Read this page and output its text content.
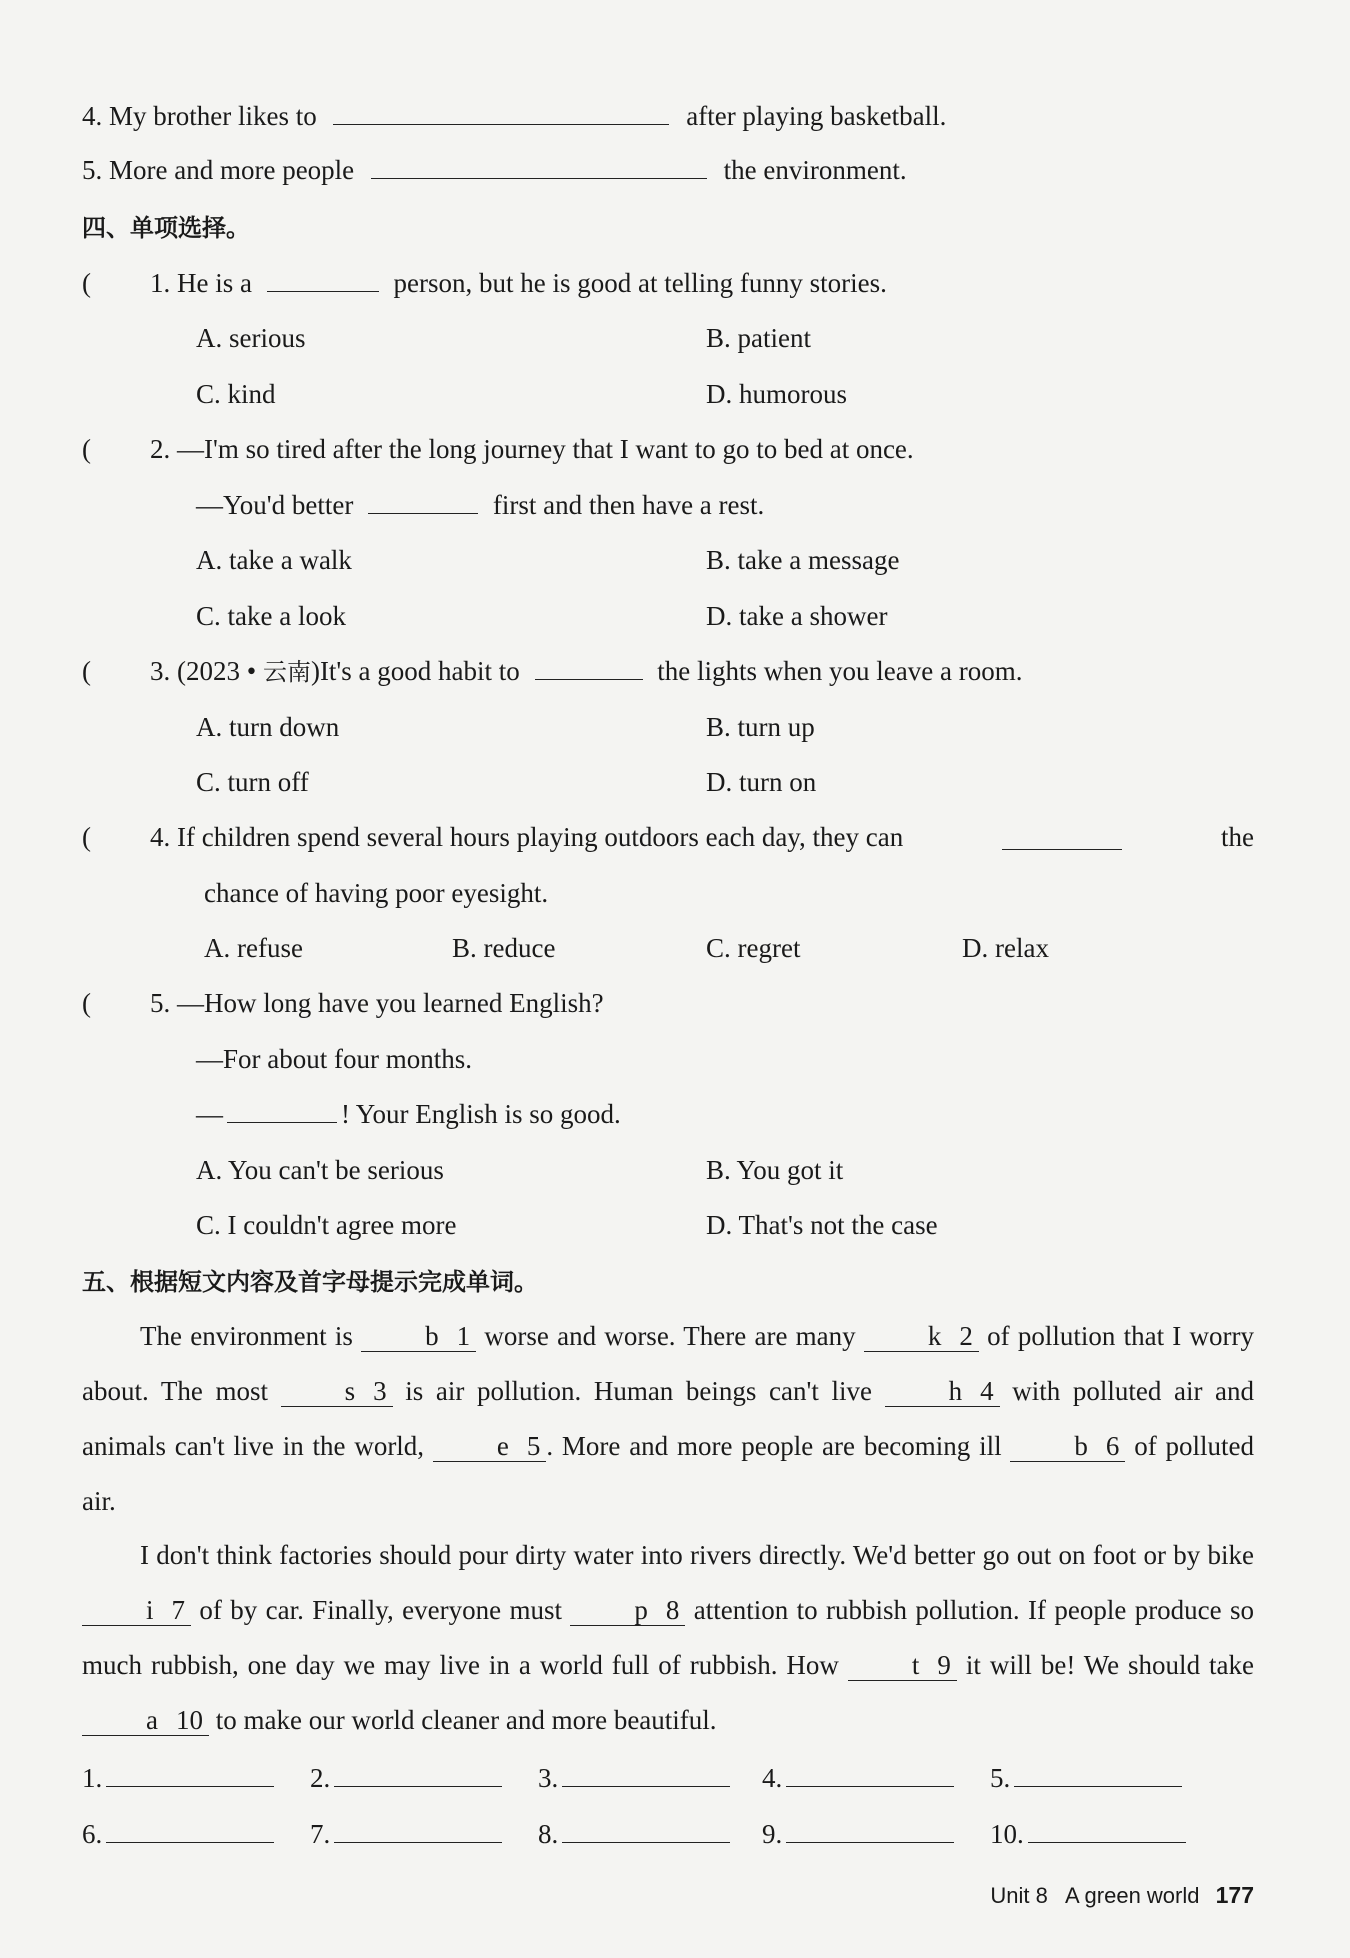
4. My brother likes to	after playing basketball.
5. More and more people	the environment.
四、单项选择。
( 1. He is a	person, but he is good at telling funny stories.
A. serious	B. patient
C. kind	D. humorous
( 2. —I'm so tired after the long journey that I want to go to bed at once.
—You'd better	first and then have a rest.
A. take a walk	B. take a message
C. take a look	D. take a shower
( 3. (2023 • 云南)It's a good habit to	the lights when you leave a room.
A. turn down	B. turn up
C. turn off	D. turn on
( 4. If children spend several hours playing outdoors each day, they can	the
chance of having poor eyesight.
A. refuse	B. reduce	C. regret	D. relax
( 5. —How long have you learned English?
—For about four months.
—	! Your English is so good.
A. You can't be serious	B. You got it
C. I couldn't agree more	D. That's not the case
五、根据短文内容及首字母提示完成单词。
The environment is	b 1 worse and worse. There are many	k 2 of pollution that I worry about. The most	s 3 is air pollution. Human beings can't live	h 4 with polluted air and animals can't live in the world,	e 5 . More and more people are becoming ill	b 6 of polluted air.
I don't think factories should pour dirty water into rivers directly. We'd better go out on foot or by bike i 7 of by car. Finally, everyone must	p 8 attention to rubbish pollution. If people produce so much rubbish, one day we may live in a world full of rubbish. How	t 9 it will be! We should take a 10 to make our world cleaner and more beautiful.
1.	2.	3.	4.	5.
6.	7.	8.	9.	10.
Unit 8 A green world 177
